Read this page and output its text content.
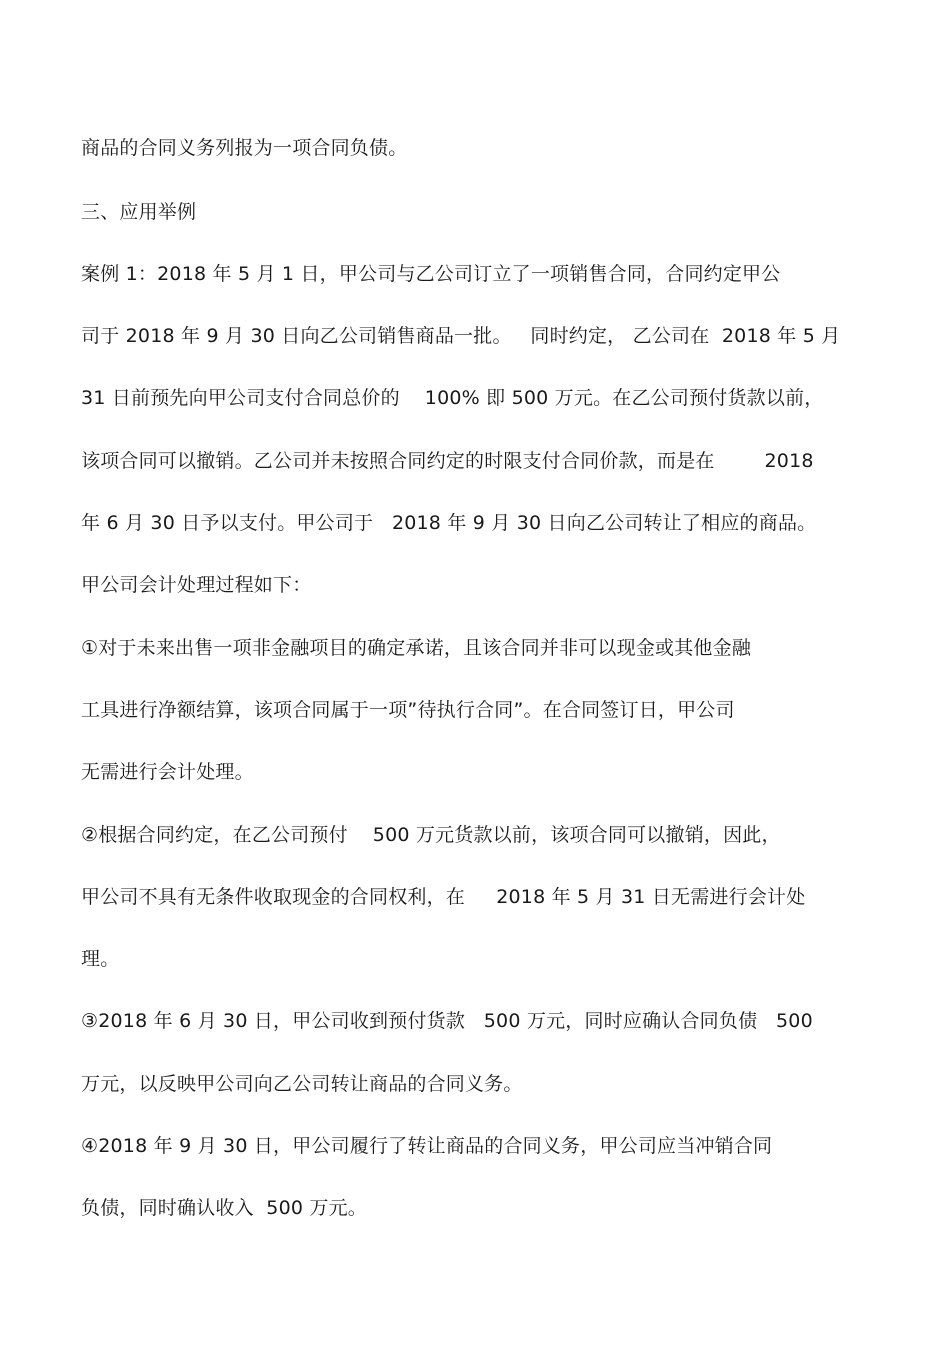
商品的合同义务列报为一项合同负债。
三、应用举例
案例 1：2018 年 5 月 1 日，甲公司与乙公司订立了一项销售合同，合同约定甲公
司于 2018 年 9 月 30 日向乙公司销售商品一批。   同时约定， 乙公司在  2018 年 5 月
31 日前预先向甲公司支付合同总价的    100% 即 500 万元。在乙公司预付货款以前，
该项合同可以撤销。乙公司并未按照合同约定的时限支付合同价款，而是在        2018
年 6 月 30 日予以支付。甲公司于   2018 年 9 月 30 日向乙公司转让了相应的商品。
甲公司会计处理过程如下：
①对于未来出售一项非金融项目的确定承诺，且该合同并非可以现金或其他金融
工具进行净额结算，该项合同属于一项”待执行合同”。在合同签订日，甲公司
无需进行会计处理。
②根据合同约定，在乙公司预付    500 万元货款以前，该项合同可以撤销，因此，
甲公司不具有无条件收取现金的合同权利，在     2018 年 5 月 31 日无需进行会计处
理。
③2018 年 6 月 30 日，甲公司收到预付货款   500 万元，同时应确认合同负债   500
万元，以反映甲公司向乙公司转让商品的合同义务。
④2018 年 9 月 30 日，甲公司履行了转让商品的合同义务，甲公司应当冲销合同
负债，同时确认收入  500 万元。
